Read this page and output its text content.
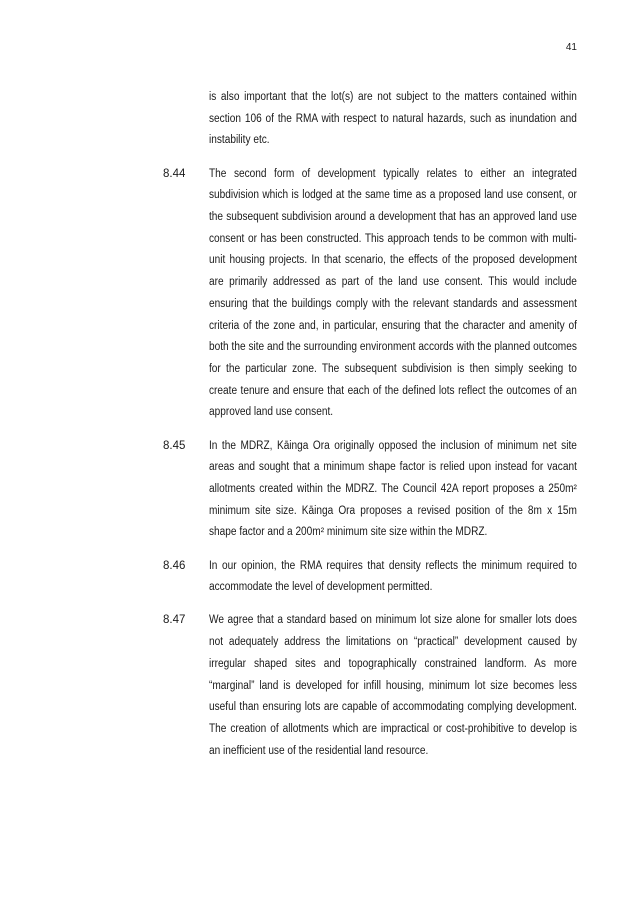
41
is also important that the lot(s) are not subject to the matters contained within section 106 of the RMA with respect to natural hazards, such as inundation and instability etc.
8.44	The second form of development typically relates to either an integrated subdivision which is lodged at the same time as a proposed land use consent, or the subsequent subdivision around a development that has an approved land use consent or has been constructed. This approach tends to be common with multi-unit housing projects. In that scenario, the effects of the proposed development are primarily addressed as part of the land use consent. This would include ensuring that the buildings comply with the relevant standards and assessment criteria of the zone and, in particular, ensuring that the character and amenity of both the site and the surrounding environment accords with the planned outcomes for the particular zone. The subsequent subdivision is then simply seeking to create tenure and ensure that each of the defined lots reflect the outcomes of an approved land use consent.
8.45	In the MDRZ, Kāinga Ora originally opposed the inclusion of minimum net site areas and sought that a minimum shape factor is relied upon instead for vacant allotments created within the MDRZ. The Council 42A report proposes a 250m² minimum site size. Kāinga Ora proposes a revised position of the 8m x 15m shape factor and a 200m² minimum site size within the MDRZ.
8.46	In our opinion, the RMA requires that density reflects the minimum required to accommodate the level of development permitted.
8.47	We agree that a standard based on minimum lot size alone for smaller lots does not adequately address the limitations on “practical” development caused by irregular shaped sites and topographically constrained landform. As more “marginal” land is developed for infill housing, minimum lot size becomes less useful than ensuring lots are capable of accommodating complying development. The creation of allotments which are impractical or cost-prohibitive to develop is an inefficient use of the residential land resource.
